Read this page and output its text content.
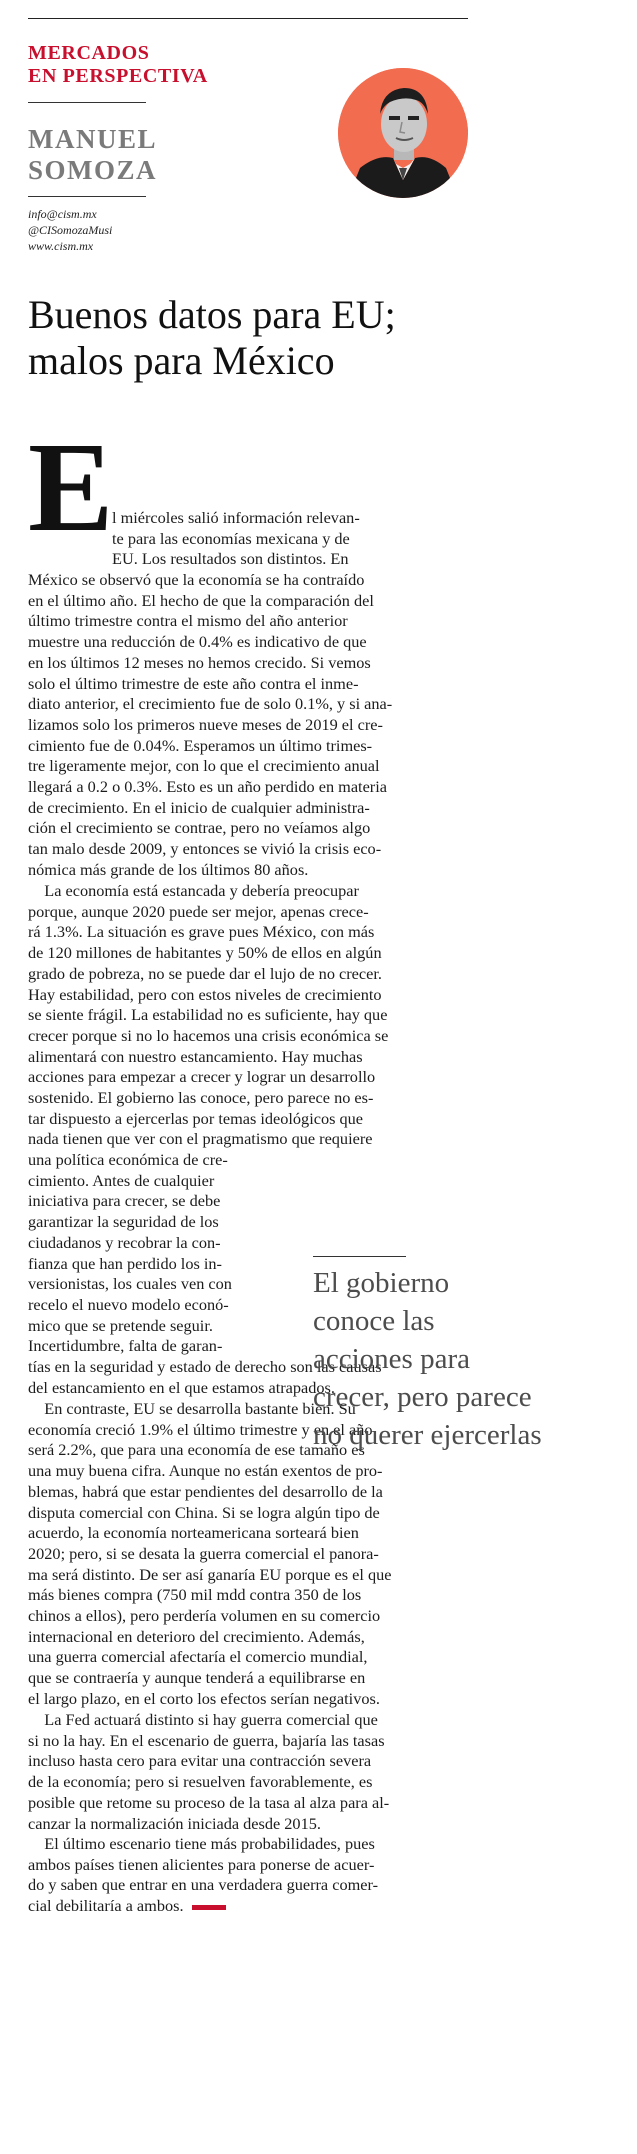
MERCADOS
EN PERSPECTIVA
MANUEL
SOMOZA
info@cism.mx
@CISomozaMusi
www.cism.mx
Buenos datos para EU;
malos para México
E
l miércoles salió información relevan-
te para las economías mexicana y de
EU. Los resultados son distintos. En
México se observó que la economía se ha contraído
en el último año. El hecho de que la comparación del
último trimestre contra el mismo del año anterior
muestre una reducción de 0.4% es indicativo de que
en los últimos 12 meses no hemos crecido. Si vemos
solo el último trimestre de este año contra el inme-
diato anterior, el crecimiento fue de solo 0.1%, y si ana-
lizamos solo los primeros nueve meses de 2019 el cre-
cimiento fue de 0.04%. Esperamos un último trimes-
tre ligeramente mejor, con lo que el crecimiento anual
llegará a 0.2 o 0.3%. Esto es un año perdido en materia
de crecimiento. En el inicio de cualquier administra-
ción el crecimiento se contrae, pero no veíamos algo
tan malo desde 2009, y entonces se vivió la crisis eco-
nómica más grande de los últimos 80 años.
La economía está estancada y debería preocupar
porque, aunque 2020 puede ser mejor, apenas crece-
rá 1.3%. La situación es grave pues México, con más
de 120 millones de habitantes y 50% de ellos en algún
grado de pobreza, no se puede dar el lujo de no crecer.
Hay estabilidad, pero con estos niveles de crecimiento
se siente frágil. La estabilidad no es suficiente, hay que
crecer porque si no lo hacemos una crisis económica se
alimentará con nuestro estancamiento. Hay muchas
acciones para empezar a crecer y lograr un desarrollo
sostenido. El gobierno las conoce, pero parece no es-
tar dispuesto a ejercerlas por temas ideológicos que
nada tienen que ver con el pragmatismo que requiere
una política económica de cre-
cimiento. Antes de cualquier
iniciativa para crecer, se debe
garantizar la seguridad de los
ciudadanos y recobrar la con-
fianza que han perdido los in-
versionistas, los cuales ven con
recelo el nuevo modelo econó-
mico que se pretende seguir.
Incertidumbre, falta de garan-
tías en la seguridad y estado de derecho son las causas
del estancamiento en el que estamos atrapados.
En contraste, EU se desarrolla bastante bien. Su
economía creció 1.9% el último trimestre y en el año
será 2.2%, que para una economía de ese tamaño es
una muy buena cifra. Aunque no están exentos de pro-
blemas, habrá que estar pendientes del desarrollo de la
disputa comercial con China. Si se logra algún tipo de
acuerdo, la economía norteamericana sorteará bien
2020; pero, si se desata la guerra comercial el panora-
ma será distinto. De ser así ganaría EU porque es el que
más bienes compra (750 mil mdd contra 350 de los
chinos a ellos), pero perdería volumen en su comercio
internacional en deterioro del crecimiento. Además,
una guerra comercial afectaría el comercio mundial,
que se contraería y aunque tenderá a equilibrarse en
el largo plazo, en el corto los efectos serían negativos.
La Fed actuará distinto si hay guerra comercial que
si no la hay. En el escenario de guerra, bajaría las tasas
incluso hasta cero para evitar una contracción severa
de la economía; pero si resuelven favorablemente, es
posible que retome su proceso de la tasa al alza para al-
canzar la normalización iniciada desde 2015.
El último escenario tiene más probabilidades, pues
ambos países tienen alicientes para ponerse de acuer-
do y saben que entrar en una verdadera guerra comer-
cial debilitaría a ambos.
El gobierno
conoce las
acciones para
crecer, pero parece
no querer ejercerlas
